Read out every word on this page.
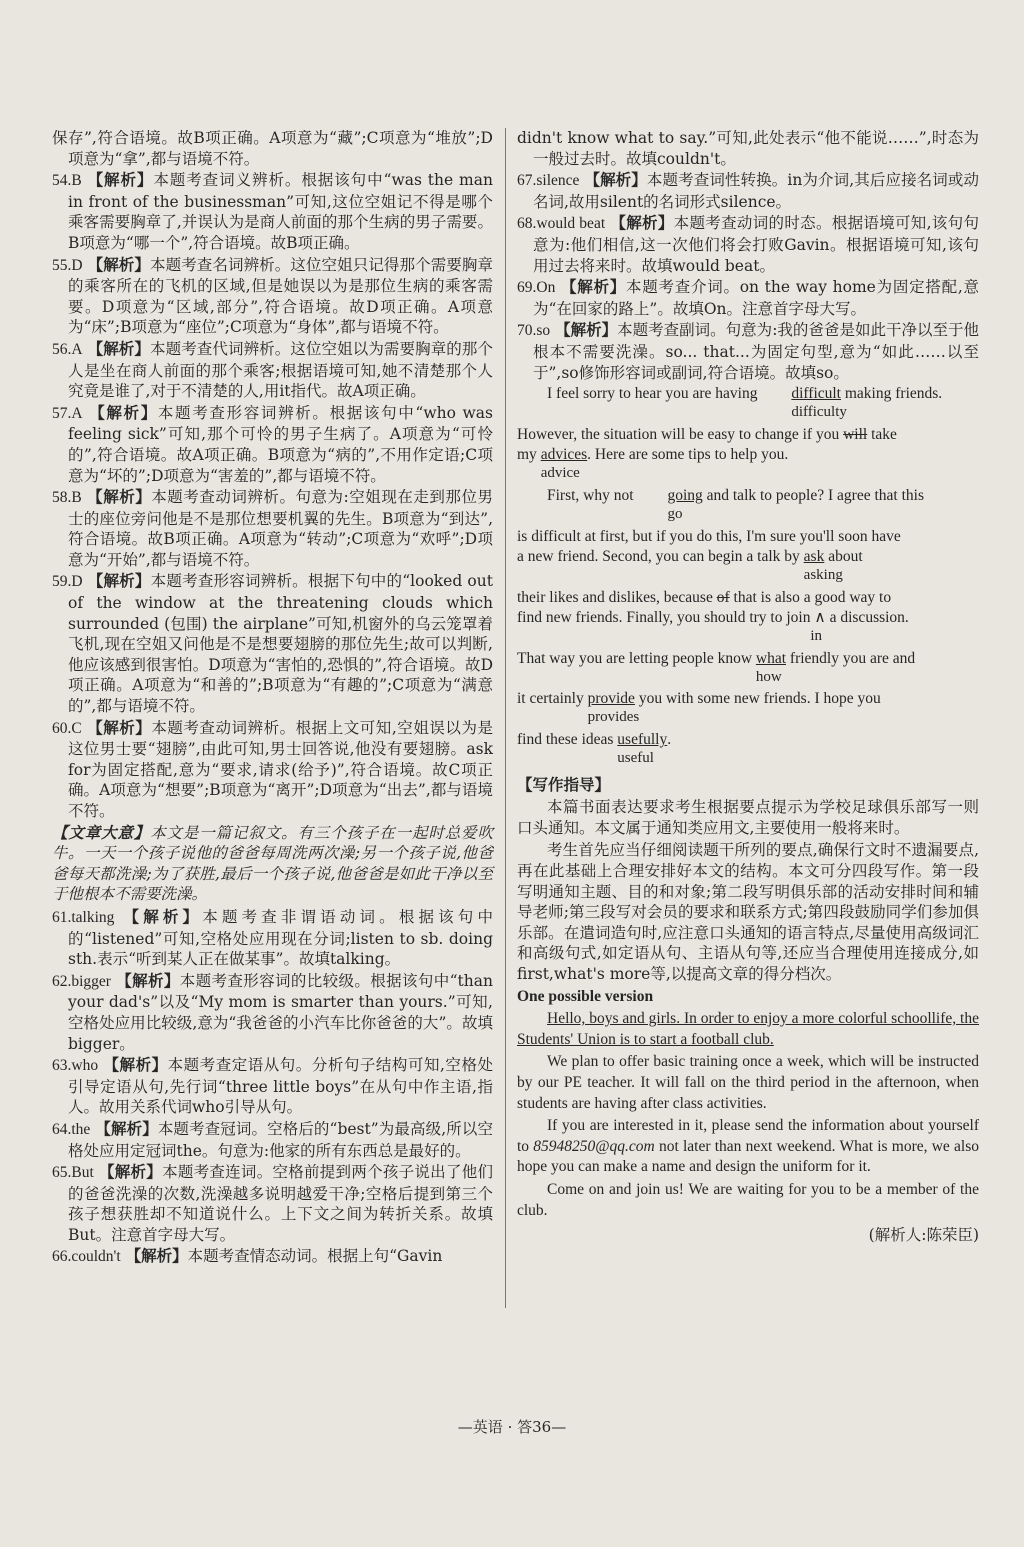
保存”,符合语境。故B项正确。A项意为“藏”;C项意为“堆放”;D项意为“拿”,都与语境不符。

54.B 【解析】本题考查词义辨析。根据该句中“was the man in front of the businessman”可知,这位空姐记不得是哪个乘客需要胸章了,并误认为是商人前面的那个生病的男子需要。B项意为“哪一个”,符合语境。故B项正确。

55.D 【解析】本题考查名词辨析。这位空姐只记得那个需要胸章的乘客所在的飞机的区域,但是她误以为是那位生病的乘客需要。D项意为“区域,部分”,符合语境。故D项正确。A项意为“床”;B项意为“座位”;C项意为“身体”,都与语境不符。

56.A 【解析】本题考查代词辨析。这位空姐以为需要胸章的那个人是坐在商人前面的那个乘客;根据语境可知,她不清楚那个人究竟是谁了,对于不清楚的人,用it指代。故A项正确。

57.A 【解析】本题考查形容词辨析。根据该句中“who was feeling sick”可知,那个可怜的男子生病了。A项意为“可怜的”,符合语境。故A项正确。B项意为“病的”,不用作定语;C项意为“坏的”;D项意为“害羞的”,都与语境不符。

58.B 【解析】本题考查动词辨析。句意为:空姐现在走到那位男士的座位旁问他是不是那位想要机翼的先生。B项意为“到达”,符合语境。故B项正确。A项意为“转动”;C项意为“欢呼”;D项意为“开始”,都与语境不符。

59.D 【解析】本题考查形容词辨析。根据下句中的“looked out of the window at the threatening clouds which surrounded (包围) the airplane”可知,机窗外的乌云笼罩着飞机,现在空姐又问他是不是想要翅膀的那位先生;故可以判断,他应该感到很害怕。D项意为“害怕的,恐惧的”,符合语境。故D项正确。A项意为“和善的”;B项意为“有趣的”;C项意为“满意的”,都与语境不符。

60.C 【解析】本题考查动词辨析。根据上文可知,空姐误以为是这位男士要“翅膀”,由此可知,男士回答说,他没有要翅膀。ask for为固定搭配,意为“要求,请求(给予)”,符合语境。故C项正确。A项意为“想要”;B项意为“离开”;D项意为“出去”,都与语境不符。

【文章大意】本文是一篇记叙文。有三个孩子在一起时总爱吹牛。一天一个孩子说他的爸爸每周洗两次澡;另一个孩子说,他爸爸每天都洗澡;为了获胜,最后一个孩子说,他爸爸是如此干净以至于他根本不需要洗澡。

61.talking 【解析】本题考查非谓语动词。根据该句中的“listened”可知,空格处应用现在分词;listen to sb. doing sth.表示“听到某人正在做某事”。故填talking。

62.bigger 【解析】本题考查形容词的比较级。根据该句中“than your dad's”以及“My mom is smarter than yours.”可知,空格处应用比较级,意为“我爸爸的小汽车比你爸爸的大”。故填bigger。

63.who 【解析】本题考查定语从句。分析句子结构可知,空格处引导定语从句,先行词“three little boys”在从句中作主语,指人。故用关系代词who引导从句。

64.the 【解析】本题考查冠词。空格后的“best”为最高级,所以空格处应用定冠词the。句意为:他家的所有东西总是最好的。

65.But 【解析】本题考查连词。空格前提到两个孩子说出了他们的爸爸洗澡的次数,洗澡越多说明越爱干净;空格后提到第三个孩子想获胜却不知道说什么。上下文之间为转折关系。故填But。注意首字母大写。

66.couldn't 【解析】本题考查情态动词。根据上句“Gavin

didn't know what to say.”可知,此处表示“他不能说……”,时态为一般过去时。故填couldn't。

67.silence 【解析】本题考查词性转换。in为介词,其后应接名词或动名词,故用silent的名词形式silence。

68.would beat 【解析】本题考查动词的时态。根据语境可知,该句句意为:他们相信,这一次他们将会打败Gavin。根据语境可知,该句用过去将来时。故填would beat。

69.On 【解析】本题考查介词。on the way home为固定搭配,意为“在回家的路上”。故填On。注意首字母大写。

70.so 【解析】本题考查副词。句意为:我的爸爸是如此干净以至于他根本不需要洗澡。so... that...为固定句型,意为“如此……以至于”,so修饰形容词或副词,符合语境。故填so。

I feel sorry to hear you are having difficult
difficulty
making friends.

However, the situation will be easy to change if you will take

my advices
advice
. Here are some tips to help you.

First, why not going
go
and talk to people? I agree that this

is difficult at first, but if you do this, I'm sure you'll soon have

a new friend. Second, you can begin a talk by ask
asking
about

their likes and dislikes, because of that is also a good way to

find new friends. Finally, you should try to join ∧
in
a discussion.

That way you are letting people know what
how
friendly you are and

it certainly provide
provides
you with some new friends. I hope you

find these ideas usefully
useful
.

【写作指导】

本篇书面表达要求考生根据要点提示为学校足球俱乐部写一则口头通知。本文属于通知类应用文,主要使用一般将来时。

考生首先应当仔细阅读题干所列的要点,确保行文时不遗漏要点,再在此基础上合理安排好本文的结构。本文可分四段写作。第一段写明通知主题、目的和对象;第二段写明俱乐部的活动安排时间和辅导老师;第三段写对会员的要求和联系方式;第四段鼓励同学们参加俱乐部。在遣词造句时,应注意口头通知的语言特点,尽量使用高级词汇和高级句式,如定语从句、主语从句等,还应当合理使用连接成分,如first,what's more等,以提高文章的得分档次。

One possible version

Hello, boys and girls. In order to enjoy a more colorful schoollife, the Students' Union is to start a football club.

We plan to offer basic training once a week, which will be instructed by our PE teacher. It will fall on the third period in the afternoon, when students are having after class activities.

If you are interested in it, please send the information about yourself to 85948250@qq.com not later than next weekend. What is more, we also hope you can make a name and design the uniform for it.

Come on and join us! We are waiting for you to be a member of the club.

(解析人:陈荣臣)

—英语 · 答36—
